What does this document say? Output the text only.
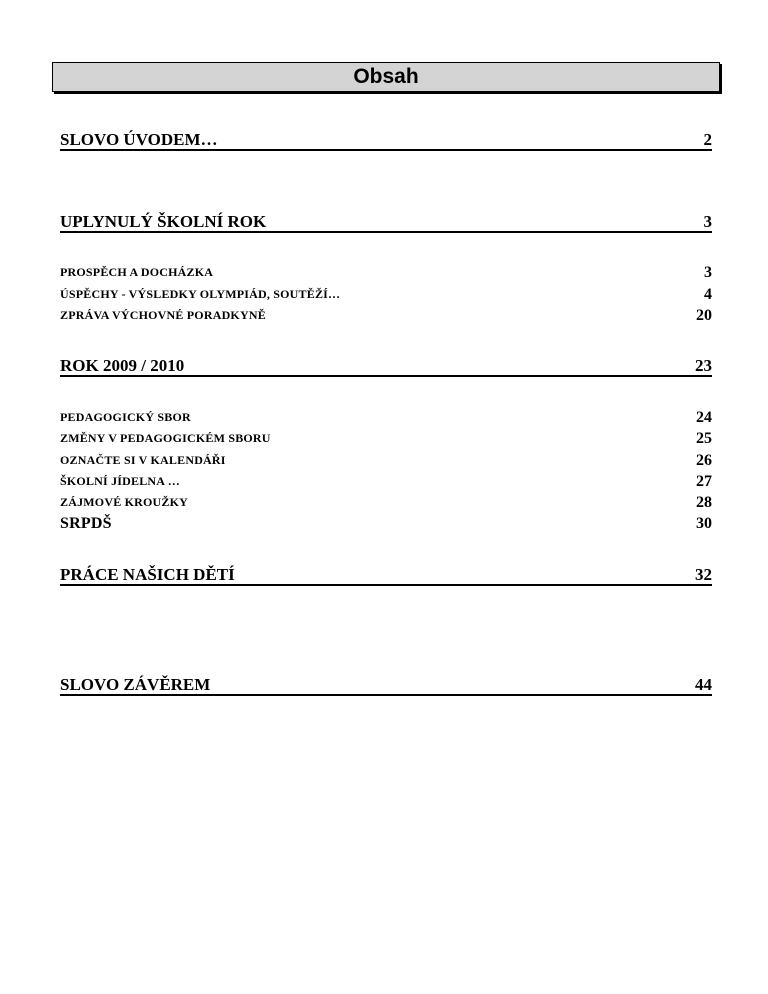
Obsah
SLOVO ÚVODEM…	2
UPLYNULÝ ŠKOLNÍ ROK	3
PROSPĚCH A DOCHÁZKA	3
ÚSPĚCHY - VÝSLEDKY OLYMPIÁD, SOUTĚŽÍ…	4
ZPRÁVA VÝCHOVNÉ PORADKYNĚ	20
ROK 2009 / 2010	23
PEDAGOGICKÝ SBOR	24
ZMĚNY V PEDAGOGICKÉM SBORU	25
OZNAČTE SI V KALENDÁŘI	26
ŠKOLNÍ JÍDELNA …	27
ZÁJMOVÉ KROUŽKY	28
SRPDŠ	30
PRÁCE NAŠICH DĚTÍ	32
SLOVO ZÁVĚREM	44
